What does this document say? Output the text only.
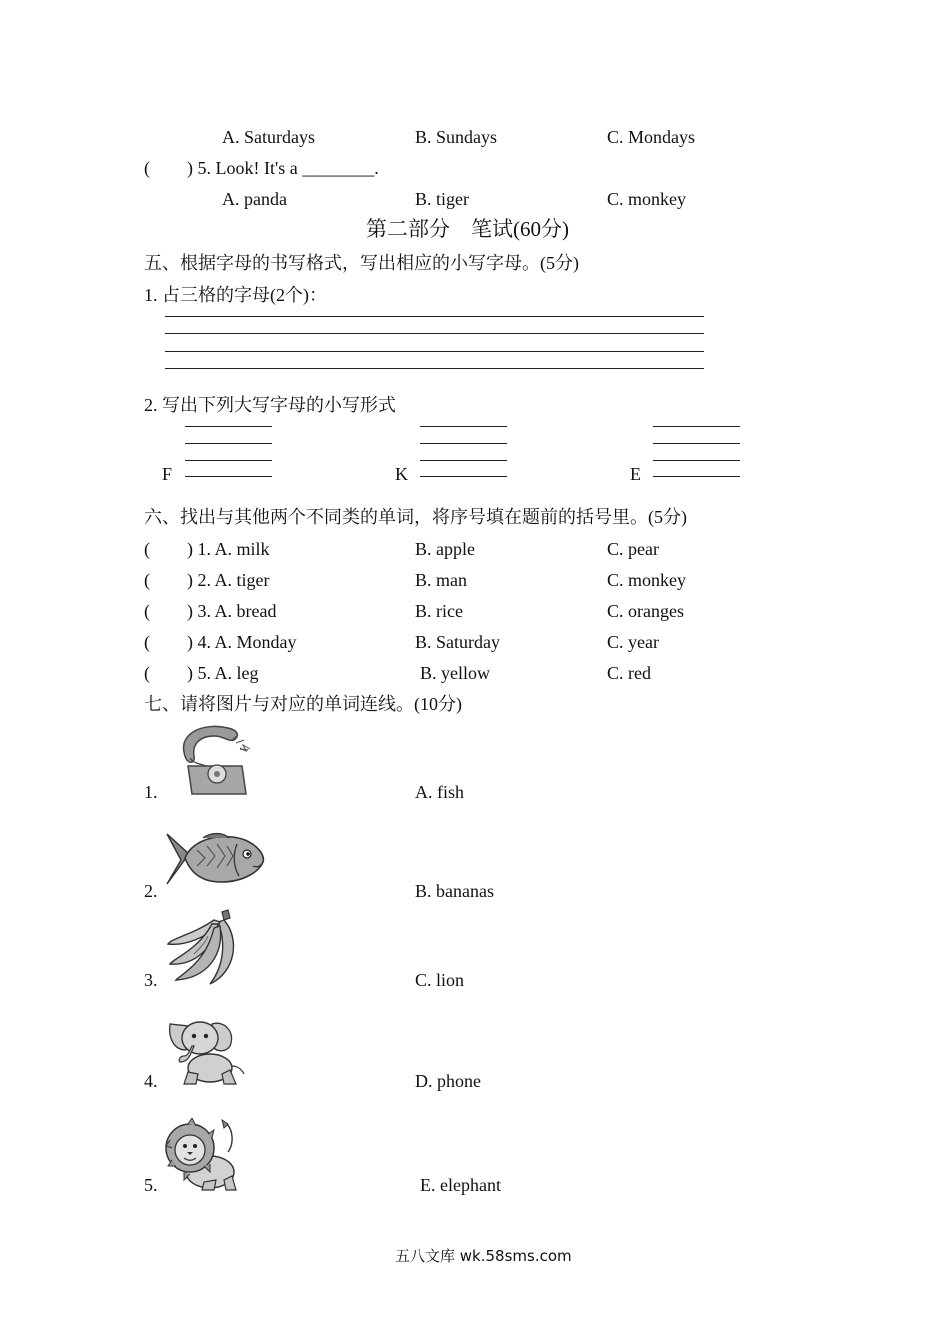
A. Saturdays	B. Sundays	C. Mondays
( ) 5. Look! It's a ________.
A. panda	B. tiger	C. monkey
第二部分　笔试(60分)
五、根据字母的书写格式，写出相应的小写字母。(5分)
1. 占三格的字母(2个)：
2. 写出下列大写字母的小写形式
F	K	E
六、找出与其他两个不同类的单词，将序号填在题前的括号里。(5分)
( ) 1. A. milk	B. apple	C. pear
( ) 2. A. tiger	B. man	C. monkey
( ) 3. A. bread	B. rice	C. oranges
( ) 4. A. Monday	B. Saturday	C. year
( ) 5. A. leg	B. yellow	C. red
七、请将图片与对应的单词连线。(10分)
1.	A. fish
2.	B. bananas
3.	C. lion
4.	D. phone
5.	E. elephant
五八文库 wk.58sms.com
